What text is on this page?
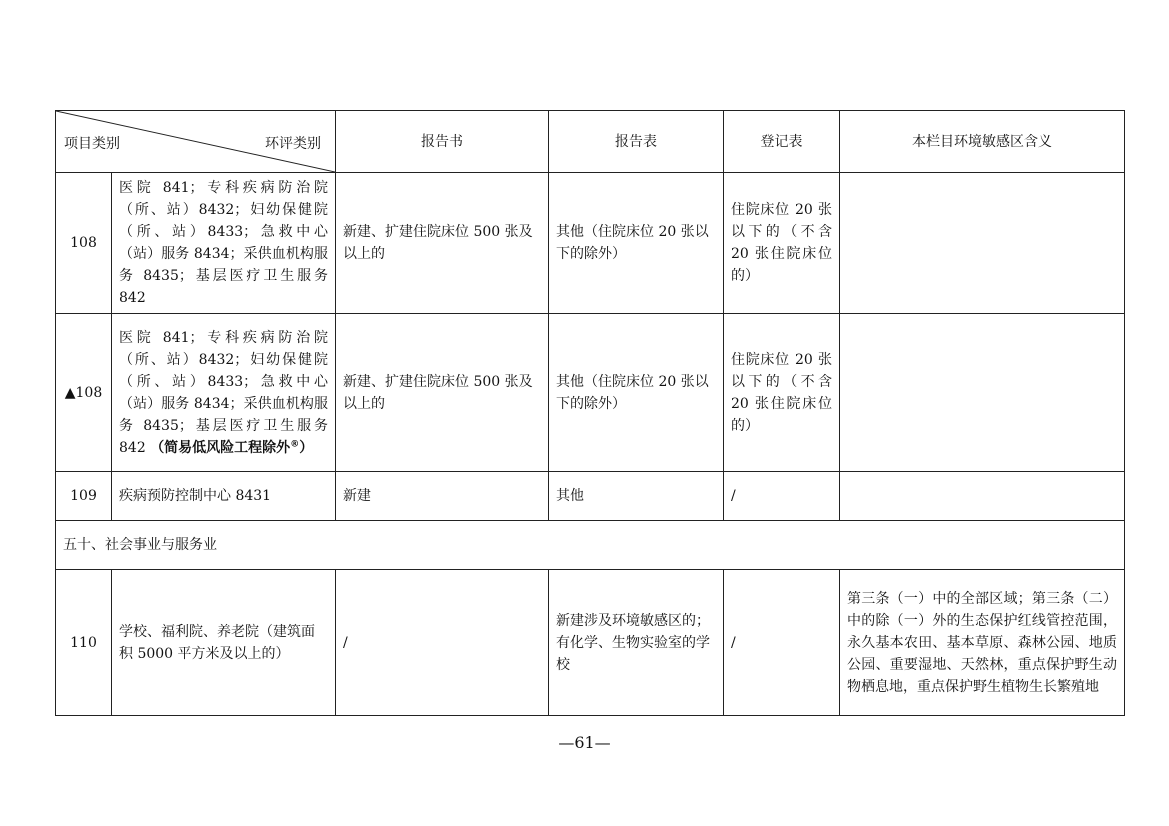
项目类别 环评类别		报告书	报告表	登记表	本栏目环境敏感区含义
108	医院 841；专科疾病防治院（所、站）8432；妇幼保健院（所、站）8433；急救中心（站）服务 8434；采供血机构服务 8435；基层医疗卫生服务 842	新建、扩建住院床位 500 张及以上的	其他（住院床位 20 张以下的除外）	住院床位 20 张以下的（不含 20 张住院床位的）	
▲108	医院 841；专科疾病防治院（所、站）8432；妇幼保健院（所、站）8433；急救中心（站）服务 8434；采供血机构服务 8435；基层医疗卫生服务 842 （简易低风险工程除外®）	新建、扩建住院床位 500 张及以上的	其他（住院床位 20 张以下的除外）	住院床位 20 张以下的（不含 20 张住院床位的）	
109	疾病预防控制中心 8431	新建	其他	/	
五十、社会事业与服务业					
110	学校、福利院、养老院（建筑面积 5000 平方米及以上的）	/	新建涉及环境敏感区的；有化学、生物实验室的学校	/	第三条（一）中的全部区域；第三条（二）中的除（一）外的生态保护红线管控范围，永久基本农田、基本草原、森林公园、地质公园、重要湿地、天然林，重点保护野生动物栖息地，重点保护野生植物生长繁殖地
—61—
